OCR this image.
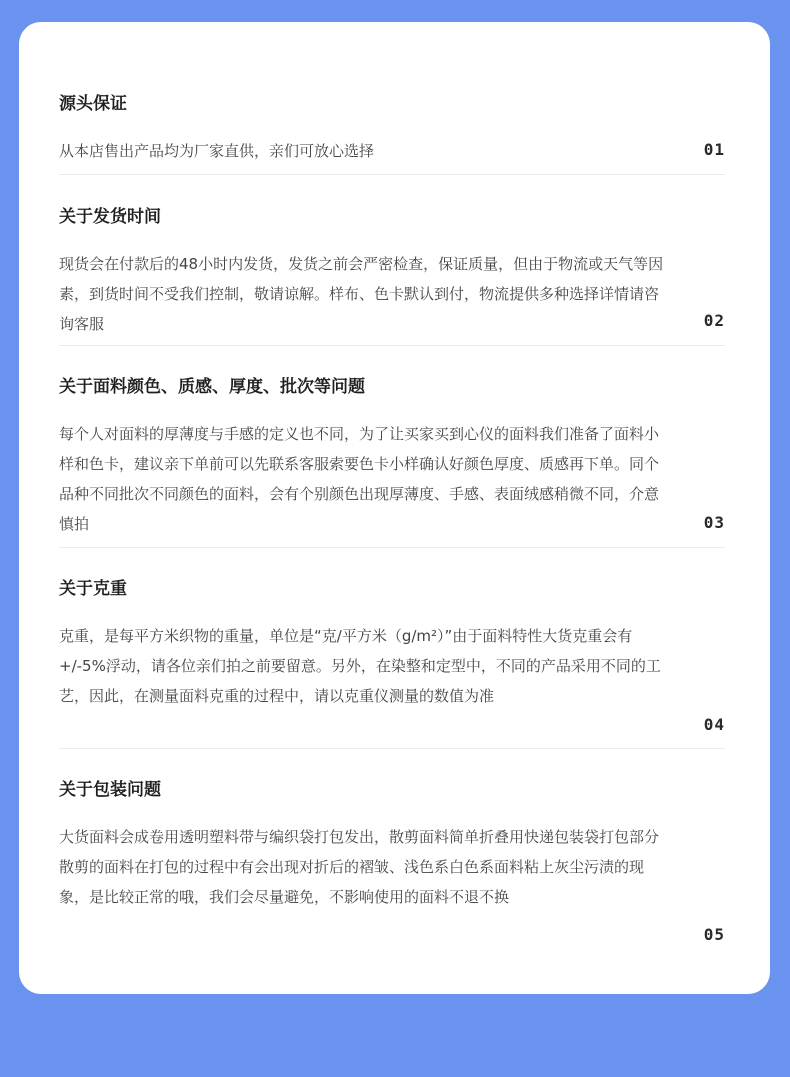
源头保证

从本店售出产品均为厂家直供，亲们可放心选择	01
关于发货时间

现货会在付款后的48小时内发货，发货之前会严密检查，保证质量，但由于物流或天气等因素，到货时间不受我们控制，敬请谅解。样布、色卡默认到付，物流提供多种选择详情请咨询客服	02
关于面料颜色、质感、厚度、批次等问题

每个人对面料的厚薄度与手感的定义也不同，为了让买家买到心仪的面料我们准备了面料小样和色卡，建议亲下单前可以先联系客服索要色卡小样确认好颜色厚度、质感再下单。同个品种不同批次不同颜色的面料，会有个别颜色出现厚薄度、手感、表面绒感稍微不同，介意慎拍	03
关于克重

克重，是每平方米织物的重量，单位是“克/平方米（g/m²）”由于面料特性大货克重会有+/-5%浮动，请各位亲们拍之前要留意。另外，在染整和定型中，不同的产品采用不同的工艺，因此，在测量面料克重的过程中，请以克重仪测量的数值为准

04
关于包装问题

大货面料会成卷用透明塑料带与编织袋打包发出，散剪面料简单折叠用快递包装袋打包部分散剪的面料在打包的过程中有会出现对折后的褶皱、浅色系白色系面料粘上灰尘污渍的现象，是比较正常的哦，我们会尽量避免，不影响使用的面料不退不换

05
